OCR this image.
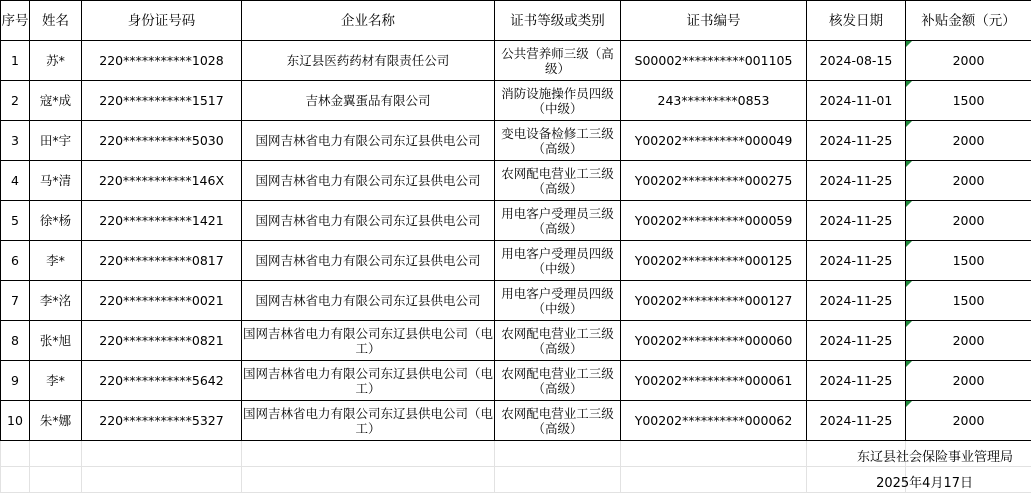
序号	姓名	身份证号码	企业名称	证书等级或类别	证书编号	核发日期	补贴金额（元）
1	苏*	220***********1028	东辽县医药药材有限责任公司	公共营养师三级（高级）	S00002**********001105	2024-08-15	2000
2	寇*成	220***********1517	吉林金翼蛋品有限公司	消防设施操作员四级（中级）	243*********0853	2024-11-01	1500
3	田*宇	220***********5030	国网吉林省电力有限公司东辽县供电公司	变电设备检修工三级（高级）	Y00202**********000049	2024-11-25	2000
4	马*清	220***********146X	国网吉林省电力有限公司东辽县供电公司	农网配电营业工三级（高级）	Y00202**********000275	2024-11-25	2000
5	徐*杨	220***********1421	国网吉林省电力有限公司东辽县供电公司	用电客户受理员三级（高级）	Y00202**********000059	2024-11-25	2000
6	李*	220***********0817	国网吉林省电力有限公司东辽县供电公司	用电客户受理员四级（中级）	Y00202**********000125	2024-11-25	1500
7	李*洺	220***********0021	国网吉林省电力有限公司东辽县供电公司	用电客户受理员四级（中级）	Y00202**********000127	2024-11-25	1500
8	张*旭	220***********0821	国网吉林省电力有限公司东辽县供电公司（电工）	农网配电营业工三级（高级）	Y00202**********000060	2024-11-25	2000
9	李*	220***********5642	国网吉林省电力有限公司东辽县供电公司（电工）	农网配电营业工三级（高级）	Y00202**********000061	2024-11-25	2000
10	朱*娜	220***********5327	国网吉林省电力有限公司东辽县供电公司（电工）	农网配电营业工三级（高级）	Y00202**********000062	2024-11-25	2000

东辽县社会保险事业管理局
2025年4月17日
